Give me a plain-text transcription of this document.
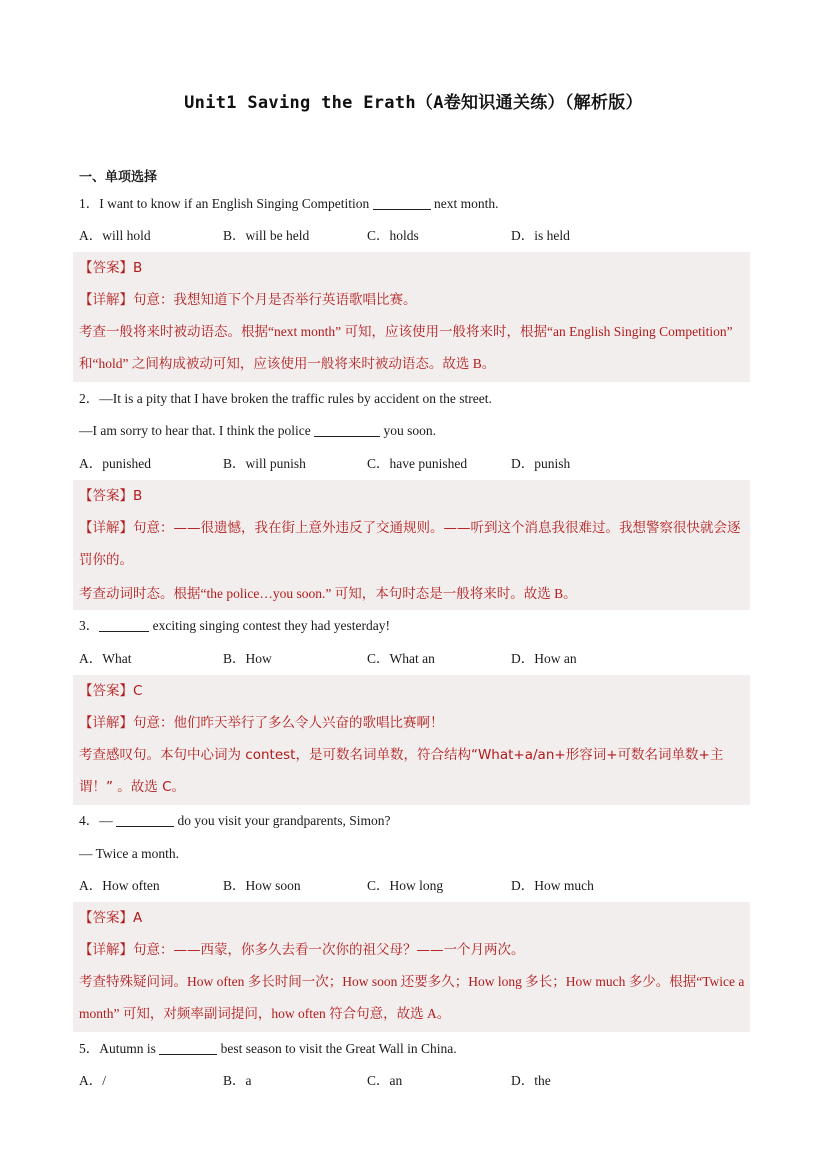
Unit1 Saving the Erath（A卷知识通关练）（解析版）
一、单项选择
1．I want to know if an English Singing Competition	next month.
A．will hold	B．will be held	C．holds	D．is held
【答案】B
【详解】句意：我想知道下个月是否举行英语歌唱比赛。
考查一般将来时被动语态。根据“next month” 可知，应该使用一般将来时，根据“an English Singing Competition” 和“hold” 之间构成被动可知，应该使用一般将来时被动语态。故选 B。
2．—It is a pity that I have broken the traffic rules by accident on the street.
—I am sorry to hear that. I think the police	you soon.
A．punished	B．will punish	C．have punished	D．punish
【答案】B
【详解】句意：——很遗憾，我在街上意外违反了交通规则。——听到这个消息我很难过。我想警察很快就会逐罚你的。
考查动词时态。根据“the police…you soon.” 可知，本句时态是一般将来时。故选 B。
3．	exciting singing contest they had yesterday!
A．What	B．How	C．What an	D．How an
【答案】C
【详解】句意：他们昨天举行了多么令人兴奋的歌唱比赛啊！
考查感叹句。本句中心词为 contest，是可数名词单数，符合结构“What+a/an+形容词+可数名词单数+主谓！” 。故选 C。
4．—	do you visit your grandparents, Simon?
— Twice a month.
A．How often	B．How soon	C．How long	D．How much
【答案】A
【详解】句意：——西蒙，你多久去看一次你的祖父母？——一个月两次。
考查特殊疑问词。How often 多长时间一次；How soon 还要多久；How long 多长；How much 多少。根据“Twice a month” 可知，对频率副词提问，how often 符合句意，故选 A。
5．Autumn is	best season to visit the Great Wall in China.
A．/	B．a	C．an	D．the
